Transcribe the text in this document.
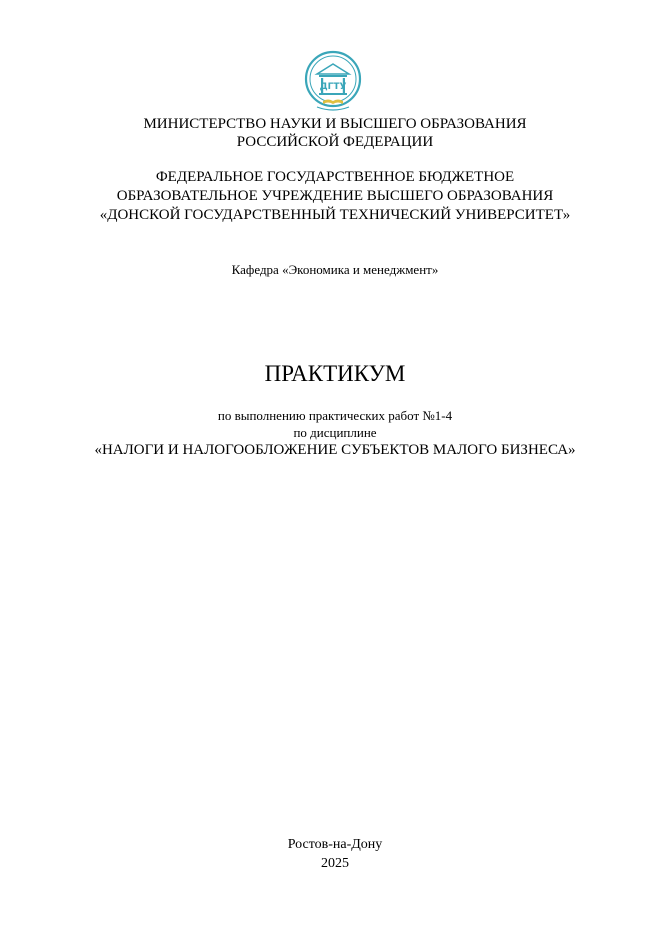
ДГТУ
МИНИСТЕРСТВО НАУКИ И ВЫСШЕГО ОБРАЗОВАНИЯ
РОССИЙСКОЙ ФЕДЕРАЦИИ
ФЕДЕРАЛЬНОЕ ГОСУДАРСТВЕННОЕ БЮДЖЕТНОЕ
ОБРАЗОВАТЕЛЬНОЕ УЧРЕЖДЕНИЕ ВЫСШЕГО ОБРАЗОВАНИЯ
«ДОНСКОЙ ГОСУДАРСТВЕННЫЙ ТЕХНИЧЕСКИЙ УНИВЕРСИТЕТ»
Кафедра «Экономика и менеджмент»
ПРАКТИКУМ
по выполнению практических работ №1-4
по дисциплине
«НАЛОГИ И НАЛОГООБЛОЖЕНИЕ СУБЪЕКТОВ МАЛОГО БИЗНЕСА»
Ростов-на-Дону
2025
